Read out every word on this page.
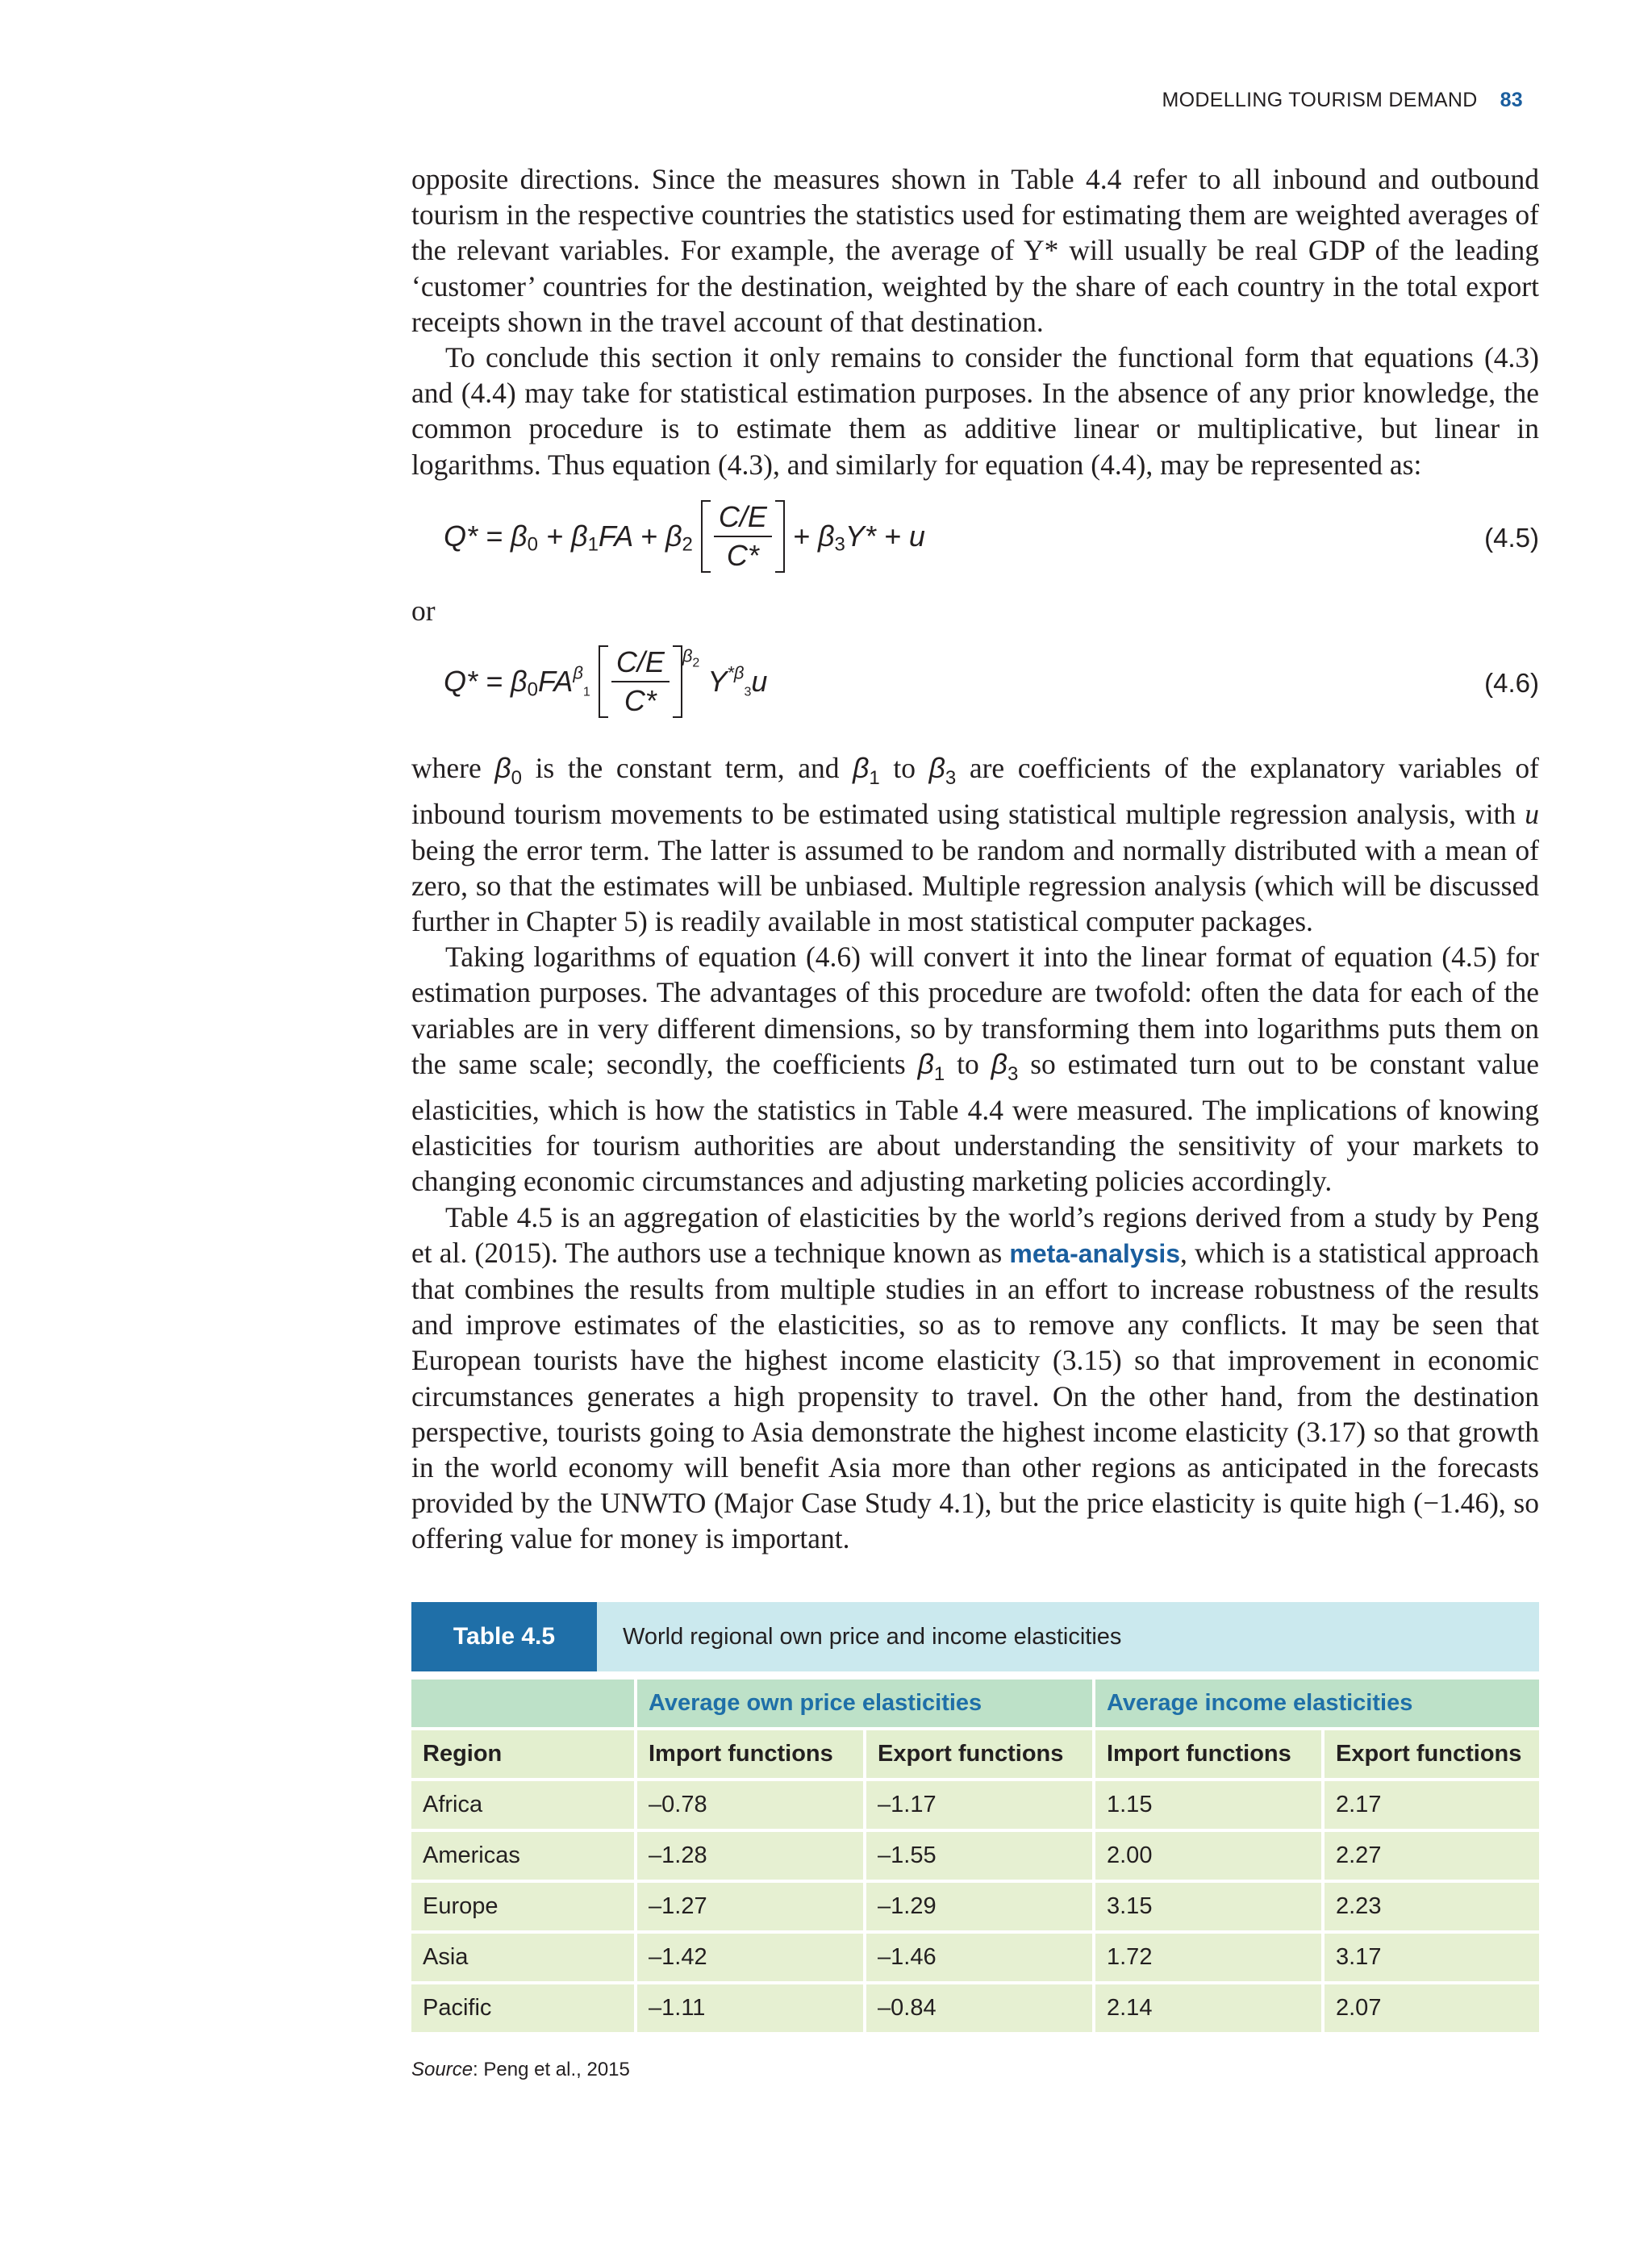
MODELLING TOURISM DEMAND 83

opposite directions. Since the measures shown in Table 4.4 refer to all inbound and outbound tourism in the respective countries the statistics used for estimating them are weighted averages of the relevant variables. For example, the average of Y* will usually be real GDP of the leading ‘customer’ countries for the destination, weighted by the share of each country in the total export receipts shown in the travel account of that destination.

To conclude this section it only remains to consider the functional form that equations (4.3) and (4.4) may take for statistical estimation purposes. In the absence of any prior knowledge, the common procedure is to estimate them as additive linear or multiplicative, but linear in logarithms. Thus equation (4.3), and similarly for equation (4.4), may be represented as:

$Q* = \beta_0 + \beta_1FA + \beta_2 \frac{C/E}{C*} + \beta_3Y* + u$	(4.5)
or
$Q* = \beta_0FA^\beta_1 \frac{C/E}{C*} ^\beta_2$ $Y^{*\beta}_3u$	(4.6)

where $\beta_0$ is the constant term, and $\beta_1$ to $\beta_3$ are coefficients of the explanatory variables of inbound tourism movements to be estimated using statistical multiple regression analysis, with u being the error term. The latter is assumed to be random and normally distributed with a mean of zero, so that the estimates will be unbiased. Multiple regression analysis (which will be discussed further in Chapter 5) is readily available in most statistical computer packages.

Taking logarithms of equation (4.6) will convert it into the linear format of equation (4.5) for estimation purposes. The advantages of this procedure are twofold: often the data for each of the variables are in very different dimensions, so by transforming them into logarithms puts them on the same scale; secondly, the coefficients $\beta_1$ to $\beta_3$ so estimated turn out to be constant value elasticities, which is how the statistics in Table 4.4 were measured. The implications of knowing elasticities for tourism authorities are about understanding the sensitivity of your markets to changing economic circumstances and adjusting marketing policies accordingly.

Table 4.5 is an aggregation of elasticities by the world’s regions derived from a study by Peng et al. (2015). The authors use a technique known as meta-analysis, which is a statistical approach that combines the results from multiple studies in an effort to increase robustness of the results and improve estimates of the elasticities, so as to remove any conflicts. It may be seen that European tourists have the highest income elasticity (3.15) so that improvement in economic circumstances generates a high propensity to travel. On the other hand, from the destination perspective, tourists going to Asia demonstrate the highest income elasticity (3.17) so that growth in the world economy will benefit Asia more than other regions as anticipated in the forecasts provided by the UNWTO (Major Case Study 4.1), but the price elasticity is quite high (−1.46), so offering value for money is important.

Table 4.5	World regional own price and income elasticities
	Average own price elasticities		Average income elasticities	
Region	Import functions	Export functions	Import functions	Export functions
Africa	–0.78	–1.17	1.15	2.17
Americas	–1.28	–1.55	2.00	2.27
Europe	–1.27	–1.29	3.15	2.23
Asia	–1.42	–1.46	1.72	3.17
Pacific	–1.11	–0.84	2.14	2.07
Source: Peng et al., 2015
